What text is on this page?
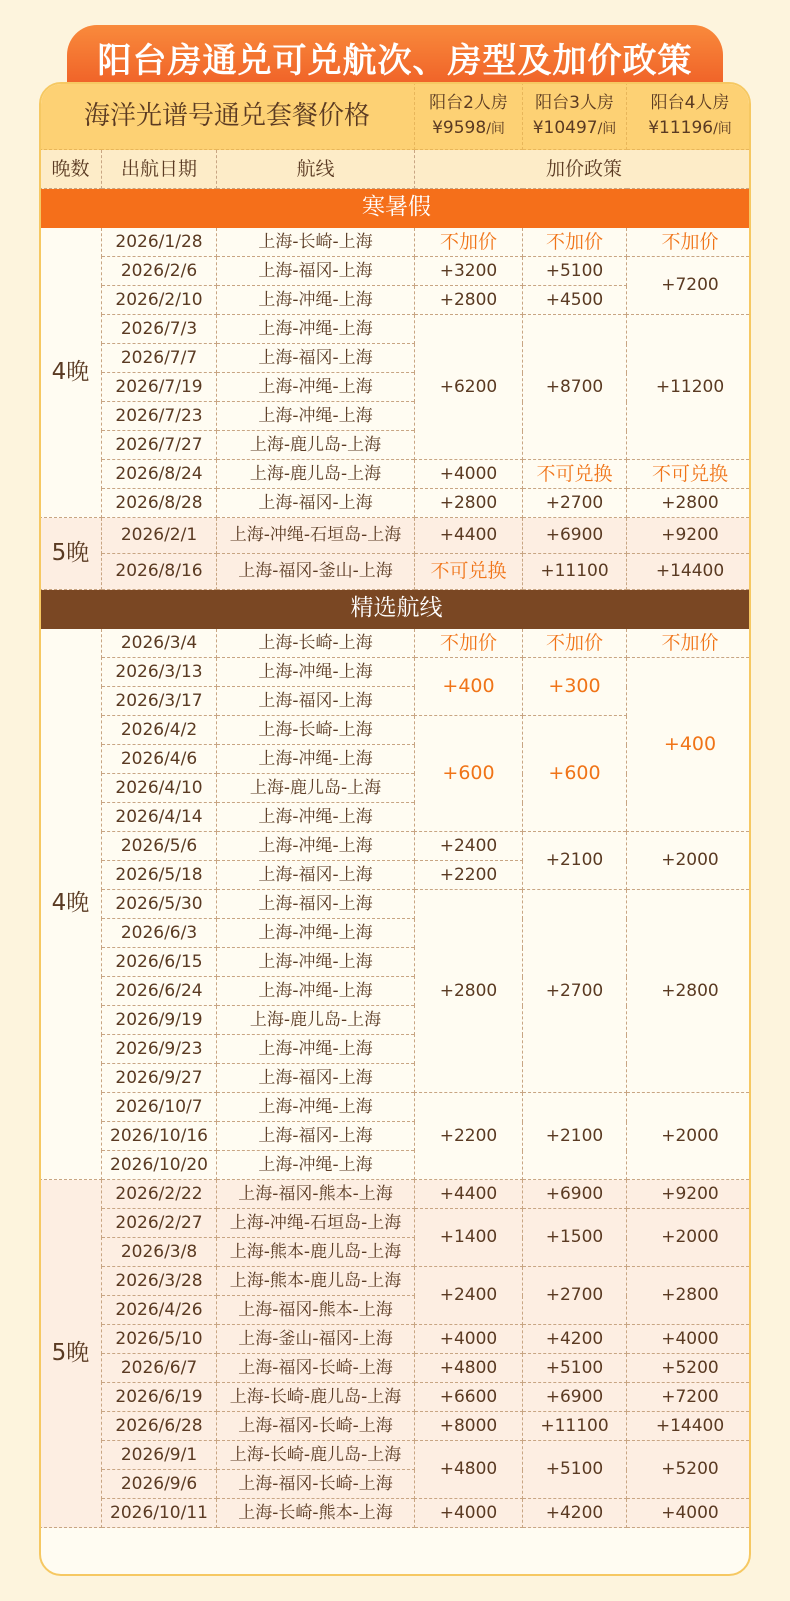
阳台房通兑可兑航次、房型及加价政策
海洋光谱号通兑套餐价格			阳台2人房
¥9598/间	阳台3人房
¥10497/间	阳台4人房
¥11196/间
晚数	出航日期	航线	加价政策		
寒暑假					
4晚	2026/1/28	上海-长崎-上海	不加价	不加价	不加价
	2026/2/6	上海-福冈-上海	+3200	+5100	+7200
	2026/2/10	上海-冲绳-上海	+2800	+4500	
	2026/7/3	上海-冲绳-上海	+6200	+8700	+11200
	2026/7/7	上海-福冈-上海			
	2026/7/19	上海-冲绳-上海			
	2026/7/23	上海-冲绳-上海			
	2026/7/27	上海-鹿儿岛-上海			
	2026/8/24	上海-鹿儿岛-上海	+4000	不可兑换	不可兑换
	2026/8/28	上海-福冈-上海	+2800	+2700	+2800
5晚	2026/2/1	上海-冲绳-石垣岛-上海	+4400	+6900	+9200
	2026/8/16	上海-福冈-釜山-上海	不可兑换	+11100	+14400
精选航线					
4晚	2026/3/4	上海-长崎-上海	不加价	不加价	不加价
	2026/3/13	上海-冲绳-上海	+400	+300	+400
	2026/3/17	上海-福冈-上海			
	2026/4/2	上海-长崎-上海	+600	+600	
	2026/4/6	上海-冲绳-上海			
	2026/4/10	上海-鹿儿岛-上海			
	2026/4/14	上海-冲绳-上海			
	2026/5/6	上海-冲绳-上海	+2400	+2100	+2000
	2026/5/18	上海-福冈-上海	+2200		
	2026/5/30	上海-福冈-上海	+2800	+2700	+2800
	2026/6/3	上海-冲绳-上海			
	2026/6/15	上海-冲绳-上海			
	2026/6/24	上海-冲绳-上海			
	2026/9/19	上海-鹿儿岛-上海			
	2026/9/23	上海-冲绳-上海			
	2026/9/27	上海-福冈-上海			
	2026/10/7	上海-冲绳-上海	+2200	+2100	+2000
	2026/10/16	上海-福冈-上海			
	2026/10/20	上海-冲绳-上海			
5晚	2026/2/22	上海-福冈-熊本-上海	+4400	+6900	+9200
	2026/2/27	上海-冲绳-石垣岛-上海	+1400	+1500	+2000
	2026/3/8	上海-熊本-鹿儿岛-上海			
	2026/3/28	上海-熊本-鹿儿岛-上海	+2400	+2700	+2800
	2026/4/26	上海-福冈-熊本-上海			
	2026/5/10	上海-釜山-福冈-上海	+4000	+4200	+4000
	2026/6/7	上海-福冈-长崎-上海	+4800	+5100	+5200
	2026/6/19	上海-长崎-鹿儿岛-上海	+6600	+6900	+7200
	2026/6/28	上海-福冈-长崎-上海	+8000	+11100	+14400
	2026/9/1	上海-长崎-鹿儿岛-上海	+4800	+5100	+5200
	2026/9/6	上海-福冈-长崎-上海			
	2026/10/11	上海-长崎-熊本-上海	+4000	+4200	+4000
